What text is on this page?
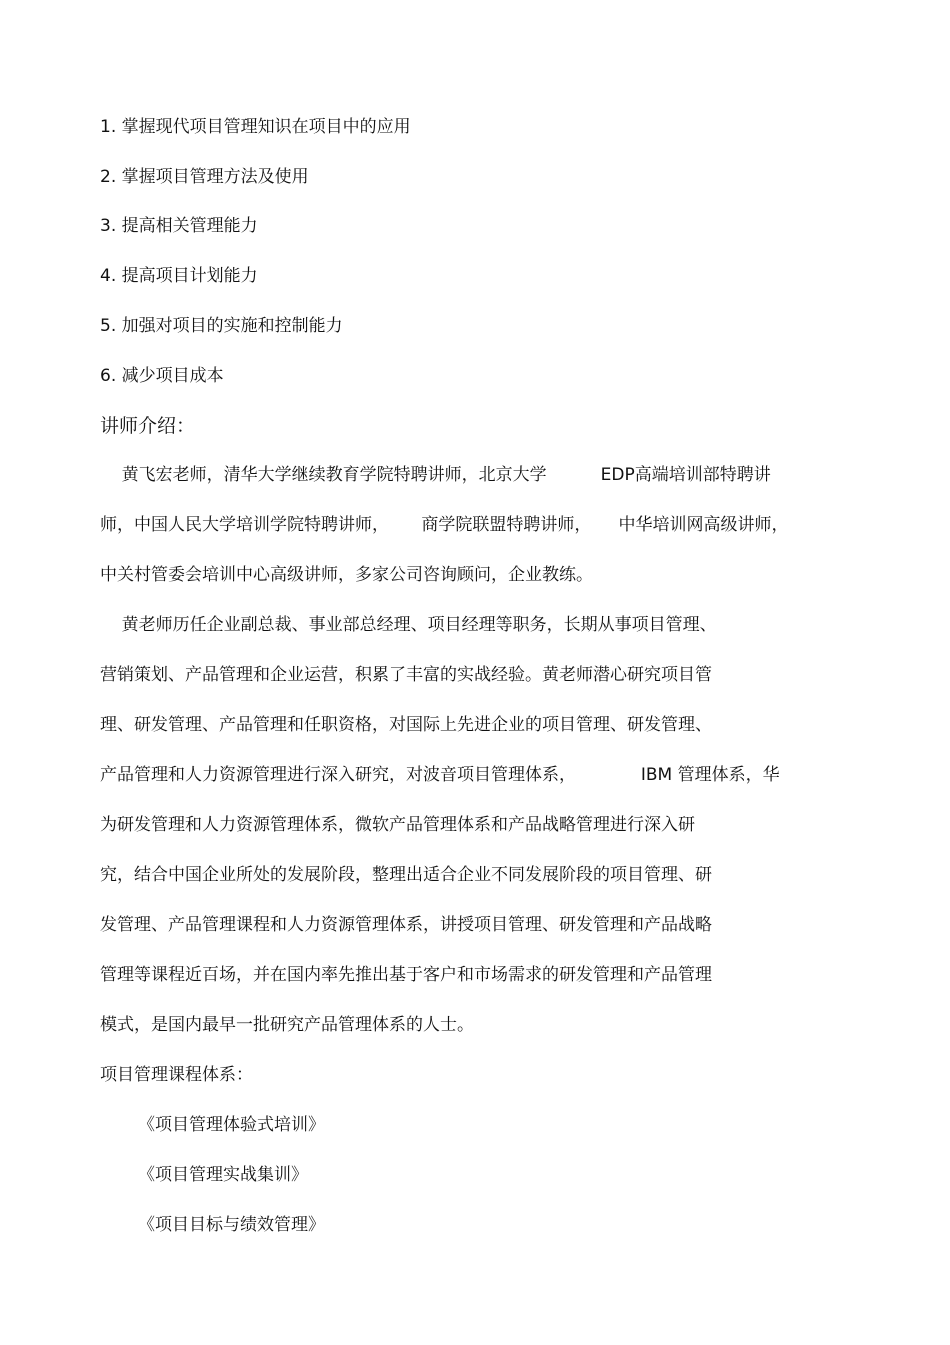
1. 掌握现代项目管理知识在项目中的应用
2. 掌握项目管理方法及使用
3. 提高相关管理能力
4. 提高项目计划能力
5. 加强对项目的实施和控制能力
6. 减少项目成本
讲师介绍：
黄飞宏老师，清华大学继续教育学院特聘讲师，北京大学          EDP高端培训部特聘讲
师，中国人民大学培训学院特聘讲师，      商学院联盟特聘讲师，     中华培训网高级讲师，
中关村管委会培训中心高级讲师，多家公司咨询顾问，企业教练。
黄老师历任企业副总裁、事业部总经理、项目经理等职务，长期从事项目管理、
营销策划、产品管理和企业运营，积累了丰富的实战经验。黄老师潜心研究项目管
理、研发管理、产品管理和任职资格，对国际上先进企业的项目管理、研发管理、
产品管理和人力资源管理进行深入研究，对波音项目管理体系，            IBM 管理体系，华
为研发管理和人力资源管理体系，微软产品管理体系和产品战略管理进行深入研
究，结合中国企业所处的发展阶段，整理出适合企业不同发展阶段的项目管理、研
发管理、产品管理课程和人力资源管理体系，讲授项目管理、研发管理和产品战略
管理等课程近百场，并在国内率先推出基于客户和市场需求的研发管理和产品管理
模式，是国内最早一批研究产品管理体系的人士。
项目管理课程体系：
《项目管理体验式培训》
《项目管理实战集训》
《项目目标与绩效管理》
